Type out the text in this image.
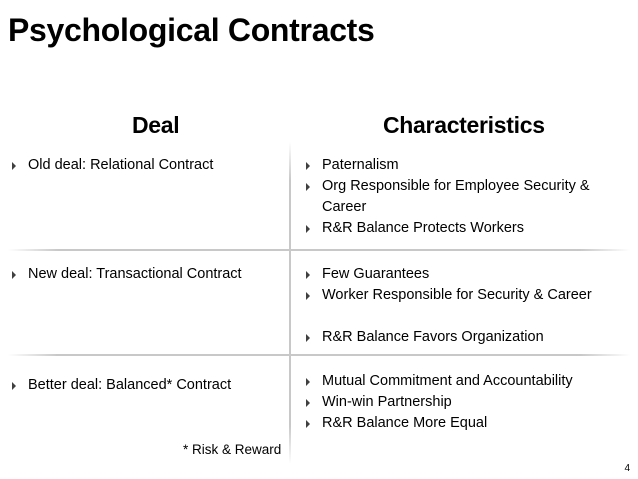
Psychological Contracts
Deal	Characteristics
Old deal: Relational Contract	Paternalism
Org Responsible for Employee Security & Career
R&R Balance Protects Workers
New deal: Transactional Contract	Few Guarantees
Worker Responsible for Security & Career
R&R Balance Favors Organization
Better deal: Balanced* Contract	Mutual Commitment and Accountability
Win-win Partnership
R&R Balance More Equal
* Risk & Reward
4
